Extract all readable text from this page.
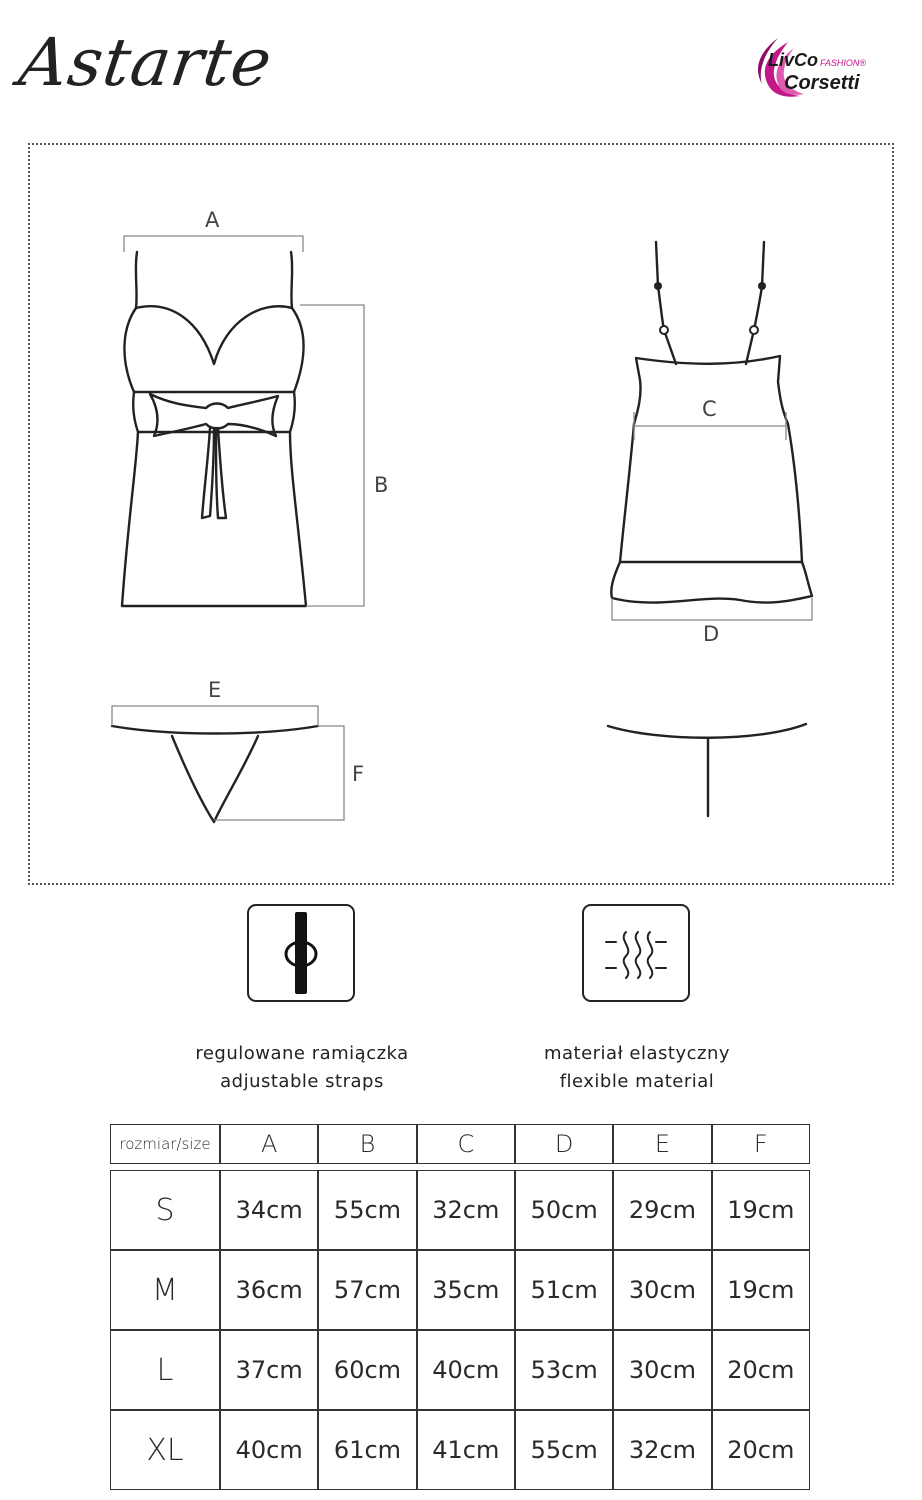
Astarte	LivCo FASHION®
Corsetti
A
B
C
D
E
F
regulowane ramiączka
adjustable straps
materiał elastyczny
flexible material
rozmiar/size	A	B	C	D	E	F

S	34cm	55cm	32cm	50cm	29cm	19cm
M	36cm	57cm	35cm	51cm	30cm	19cm
L	37cm	60cm	40cm	53cm	30cm	20cm
XL	40cm	61cm	41cm	55cm	32cm	20cm
